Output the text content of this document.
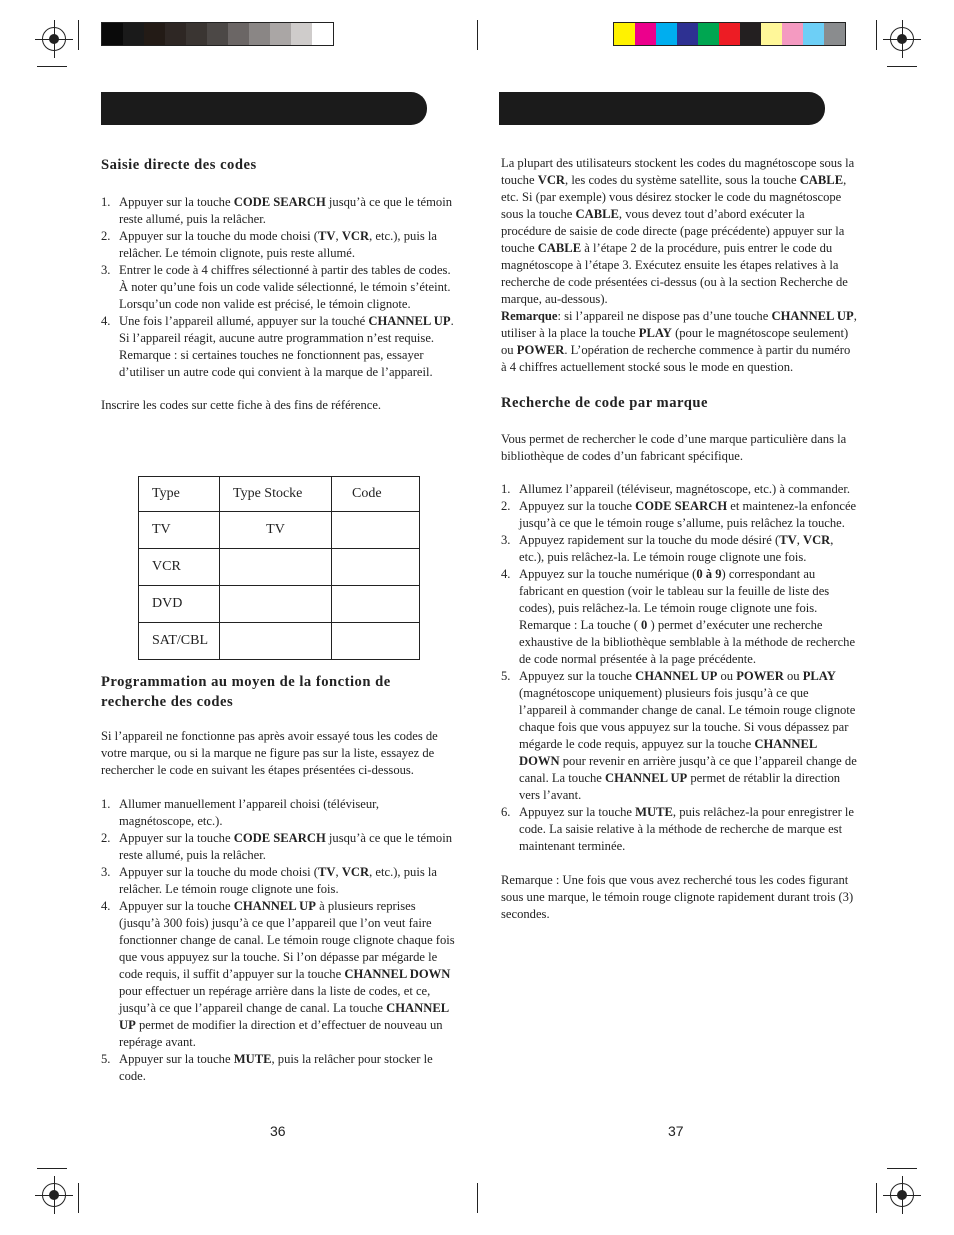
Saisie directe des codes
1. Appuyer sur la touche CODE SEARCH jusqu’à ce que le témoin reste allumé, puis la relâcher.
2. Appuyer sur la touche du mode choisi (TV, VCR, etc.), puis la relâcher. Le témoin clignote, puis reste allumé.
3. Entrer le code à 4 chiffres sélectionné à partir des tables de codes. À noter qu’une fois un code valide sélectionné, le témoin s’éteint. Lorsqu’un code non valide est précisé, le témoin clignote.
4. Une fois l’appareil allumé, appuyer sur la touché CHANNEL UP. Si l’appareil réagit, aucune autre programmation n’est requise. Remarque : si certaines touches ne fonctionnent pas, essayer d’utiliser un autre code qui convient à la marque de l’appareil.

Inscrire les codes sur cette fiche à des fins de référence.

Type	Type Stocke	Code
TV	TV	
VCR		
DVD		
SAT/CBL		
Programmation au moyen de la fonction de
recherche des codes

Si l’appareil ne fonctionne pas après avoir essayé tous les codes de votre marque, ou si la marque ne figure pas sur la liste, essayez de rechercher le code en suivant les étapes présentées ci-dessous.

1. Allumer manuellement l’appareil choisi (téléviseur, magnétoscope, etc.).
2. Appuyer sur la touche CODE SEARCH jusqu’à ce que le témoin reste allumé, puis la relâcher.
3. Appuyer sur la touche du mode choisi (TV, VCR, etc.), puis la relâcher. Le témoin rouge clignote une fois.
4. Appuyer sur la touche CHANNEL UP à plusieurs reprises (jusqu’à 300 fois) jusqu’à ce que l’appareil que l’on veut faire fonctionner change de canal. Le témoin rouge clignote chaque fois que vous appuyez sur la touche. Si l’on dépasse par mégarde le code requis, il suffit d’appuyer sur la touche CHANNEL DOWN pour effectuer un repérage arrière dans la liste de codes, et ce, jusqu’à ce que l’appareil change de canal. La touche CHANNEL UP permet de modifier la direction et d’effectuer de nouveau un repérage avant.
5. Appuyer sur la touche MUTE, puis la relâcher pour stocker le code.
36

La plupart des utilisateurs stockent les codes du magnétoscope sous la touche VCR, les codes du système satellite, sous la touche CABLE, etc. Si (par exemple) vous désirez stocker le code du magnétoscope sous la touche CABLE, vous devez tout d’abord exécuter la procédure de saisie de code directe (page précédente) appuyer sur la touche CABLE à l’étape 2 de la procédure, puis entrer le code du magnétoscope à l’étape 3. Exécutez ensuite les étapes relatives à la recherche de code présentées ci-dessus (ou à la section Recherche de marque, au-dessous).

Remarque: si l’appareil ne dispose pas d’une touche CHANNEL UP, utiliser à la place la touche PLAY (pour le magnétoscope seulement) ou POWER. L’opération de recherche commence à partir du numéro à 4 chiffres actuellement stocké sous le mode en question.

Recherche de code par marque

Vous permet de rechercher le code d’une marque particulière dans la bibliothèque de codes d’un fabricant spécifique.

1. Allumez l’appareil (téléviseur, magnétoscope, etc.) à commander.
2. Appuyez sur la touche CODE SEARCH et maintenez-la enfoncée jusqu’à ce que le témoin rouge s’allume, puis relâchez la touche.
3. Appuyez rapidement sur la touche du mode désiré (TV, VCR, etc.), puis relâchez-la. Le témoin rouge clignote une fois.
4. Appuyez sur la touche numérique (0 à 9) correspondant au fabricant en question (voir le tableau sur la feuille de liste des codes), puis relâchez-la. Le témoin rouge clignote une fois. Remarque : La touche ( 0 ) permet d’exécuter une recherche exhaustive de la bibliothèque semblable à la méthode de recherche de code normal présentée à la page précédente.
5. Appuyez sur la touche CHANNEL UP ou POWER ou PLAY (magnétoscope uniquement) plusieurs fois jusqu’à ce que l’appareil à commander change de canal. Le témoin rouge clignote chaque fois que vous appuyez sur la touche. Si vous dépassez par mégarde le code requis, appuyez sur la touche CHANNEL DOWN pour revenir en arrière jusqu’à ce que l’appareil change de canal. La touche CHANNEL UP permet de rétablir la direction vers l’avant.
6. Appuyez sur la touche MUTE, puis relâchez-la pour enregistrer le code. La saisie relative à la méthode de recherche de marque est maintenant terminée.

Remarque : Une fois que vous avez recherché tous les codes figurant sous une marque, le témoin rouge clignote rapidement durant trois (3) secondes.

37
